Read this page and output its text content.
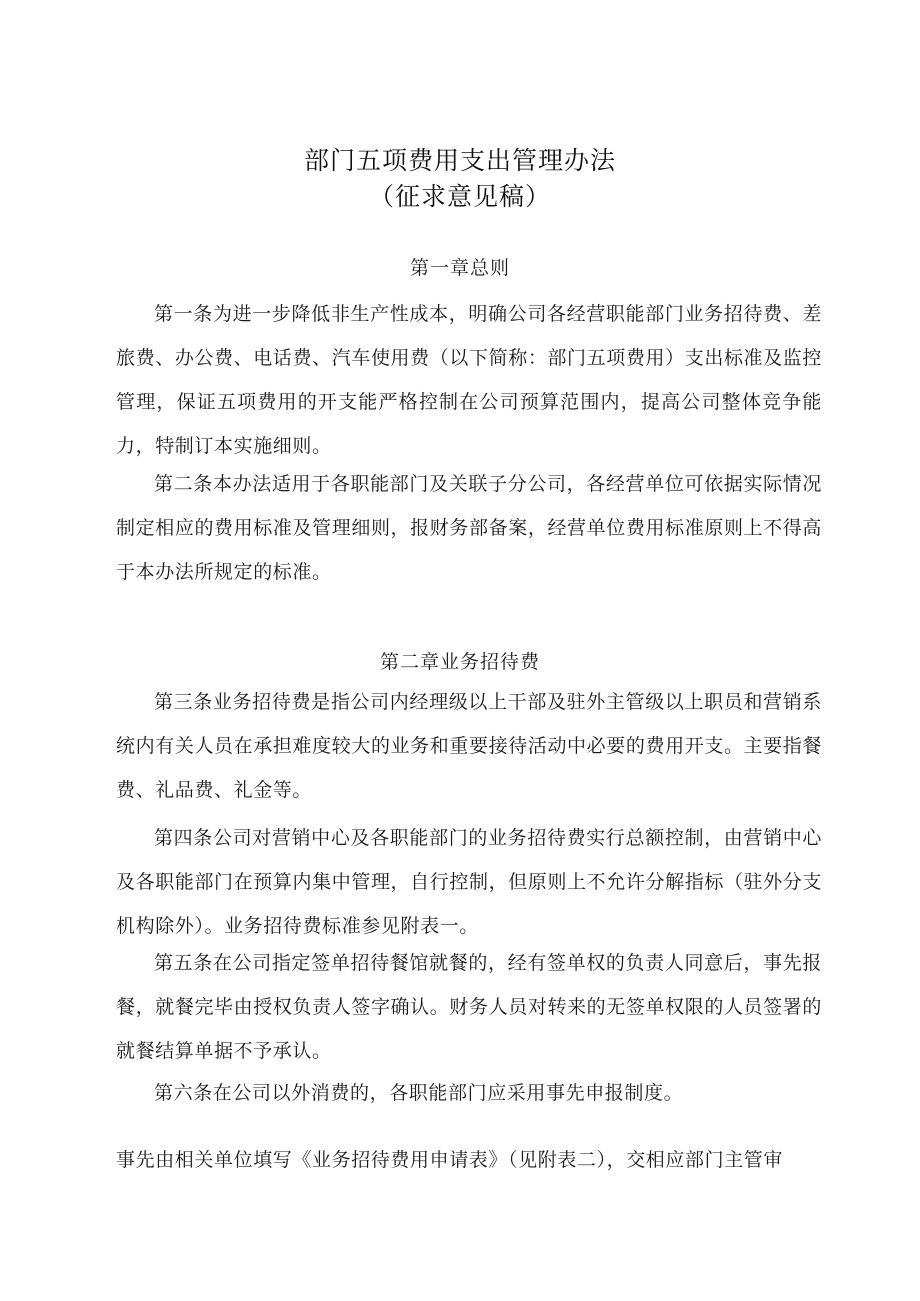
部门五项费用支出管理办法
（征求意见稿）
第一章总则
第一条为进一步降低非生产性成本，明确公司各经营职能部门业务招待费、差旅费、办公费、电话费、汽车使用费（以下简称：部门五项费用）支出标准及监控管理，保证五项费用的开支能严格控制在公司预算范围内，提高公司整体竞争能力，特制订本实施细则。
第二条本办法适用于各职能部门及关联子分公司，各经营单位可依据实际情况制定相应的费用标准及管理细则，报财务部备案，经营单位费用标准原则上不得高于本办法所规定的标准。
第二章业务招待费
第三条业务招待费是指公司内经理级以上干部及驻外主管级以上职员和营销系统内有关人员在承担难度较大的业务和重要接待活动中必要的费用开支。主要指餐费、礼品费、礼金等。
第四条公司对营销中心及各职能部门的业务招待费实行总额控制，由营销中心及各职能部门在预算内集中管理，自行控制，但原则上不允许分解指标（驻外分支机构除外）。业务招待费标准参见附表一。
第五条在公司指定签单招待餐馆就餐的，经有签单权的负责人同意后，事先报餐，就餐完毕由授权负责人签字确认。财务人员对转来的无签单权限的人员签署的就餐结算单据不予承认。
第六条在公司以外消费的，各职能部门应采用事先申报制度。
事先由相关单位填写《业务招待费用申请表》（见附表二），交相应部门主管审
